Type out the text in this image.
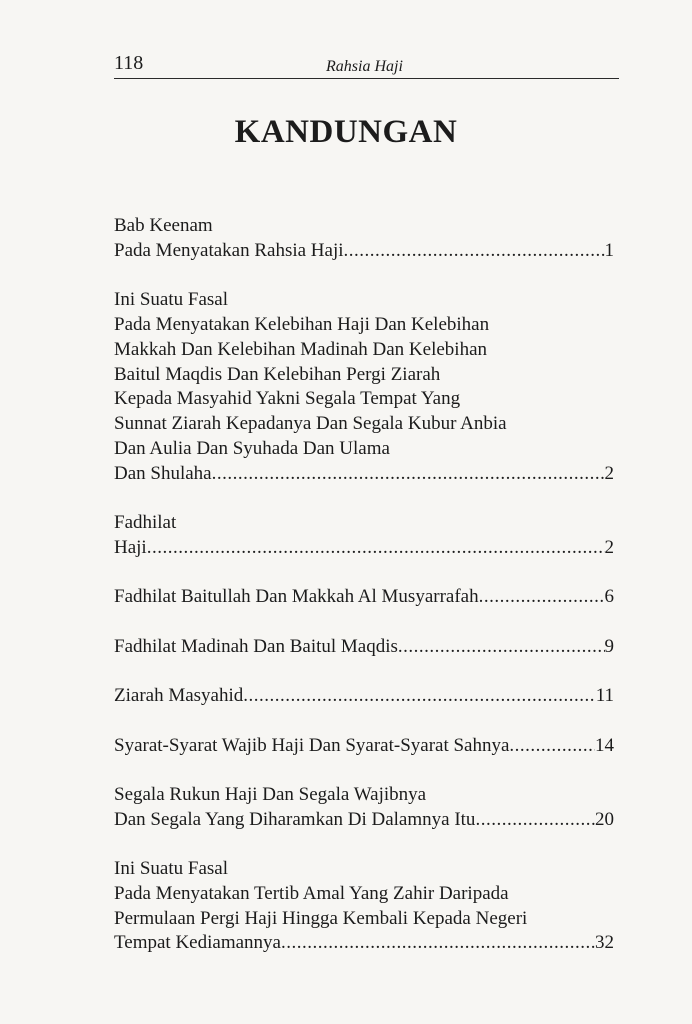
118	Rahsia Haji
KANDUNGAN
Bab Keenam
Pada Menyatakan Rahsia Haji .....	1
Ini Suatu Fasal
Pada Menyatakan Kelebihan Haji Dan Kelebihan
Makkah Dan Kelebihan Madinah Dan Kelebihan
Baitul Maqdis Dan Kelebihan Pergi Ziarah
Kepada Masyahid Yakni Segala Tempat Yang
Sunnat Ziarah Kepadanya Dan Segala Kubur Anbia
Dan Aulia Dan Syuhada Dan Ulama
Dan Shulaha .....	2
Fadhilat
Haji .....	2
Fadhilat Baitullah Dan Makkah Al Musyarrafah .....	6
Fadhilat Madinah Dan Baitul Maqdis .....	9
Ziarah Masyahid .....	11
Syarat-Syarat Wajib Haji Dan Syarat-Syarat Sahnya .....	14
Segala Rukun Haji Dan Segala Wajibnya
Dan Segala Yang Diharamkan Di Dalamnya Itu .....	20
Ini Suatu Fasal
Pada Menyatakan Tertib Amal Yang Zahir Daripada
Permulaan Pergi Haji Hingga Kembali Kepada Negeri
Tempat Kediamannya .....	32
